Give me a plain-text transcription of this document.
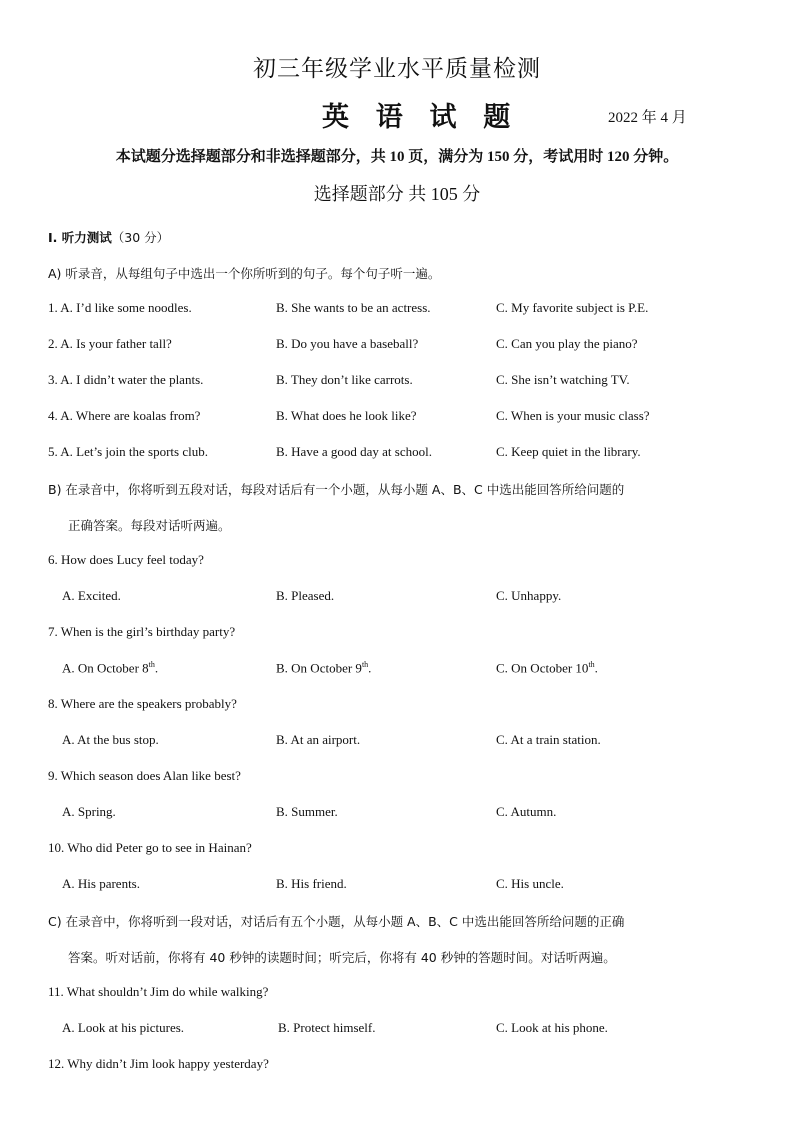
初三年级学业水平质量检测
英 语 试 题	2022 年 4 月
本试题分选择题部分和非选择题部分，共 10 页，满分为 150 分，考试用时 120 分钟。
选择题部分 共 105 分
I. 听力测试（30 分）
A) 听录音，从每组句子中选出一个你所听到的句子。每个句子听一遍。
1. A. I’d like some noodles.	B. She wants to be an actress.	C. My favorite subject is P.E.
2. A. Is your father tall?	B. Do you have a baseball?	C. Can you play the piano?
3. A. I didn’t water the plants.	B. They don’t like carrots.	C. She isn’t watching TV.
4. A. Where are koalas from?	B. What does he look like?	C. When is your music class?
5. A. Let’s join the sports club.	B. Have a good day at school.	C. Keep quiet in the library.
B) 在录音中，你将听到五段对话，每段对话后有一个小题，从每小题 A、B、C 中选出能回答所给问题的
正确答案。每段对话听两遍。
6. How does Lucy feel today?
A. Excited.	B. Pleased.	C. Unhappy.
7. When is the girl’s birthday party?
A. On October 8th.	B. On October 9th.	C. On October 10th.
8. Where are the speakers probably?
A. At the bus stop.	B. At an airport.	C. At a train station.
9. Which season does Alan like best?
A. Spring.	B. Summer.	C. Autumn.
10. Who did Peter go to see in Hainan?
A. His parents.	B. His friend.	C. His uncle.
C) 在录音中，你将听到一段对话，对话后有五个小题，从每小题 A、B、C 中选出能回答所给问题的正确
答案。听对话前，你将有 40 秒钟的读题时间；听完后，你将有 40 秒钟的答题时间。对话听两遍。
11. What shouldn’t Jim do while walking?
A. Look at his pictures.	B. Protect himself.	C. Look at his phone.
12. Why didn’t Jim look happy yesterday?
